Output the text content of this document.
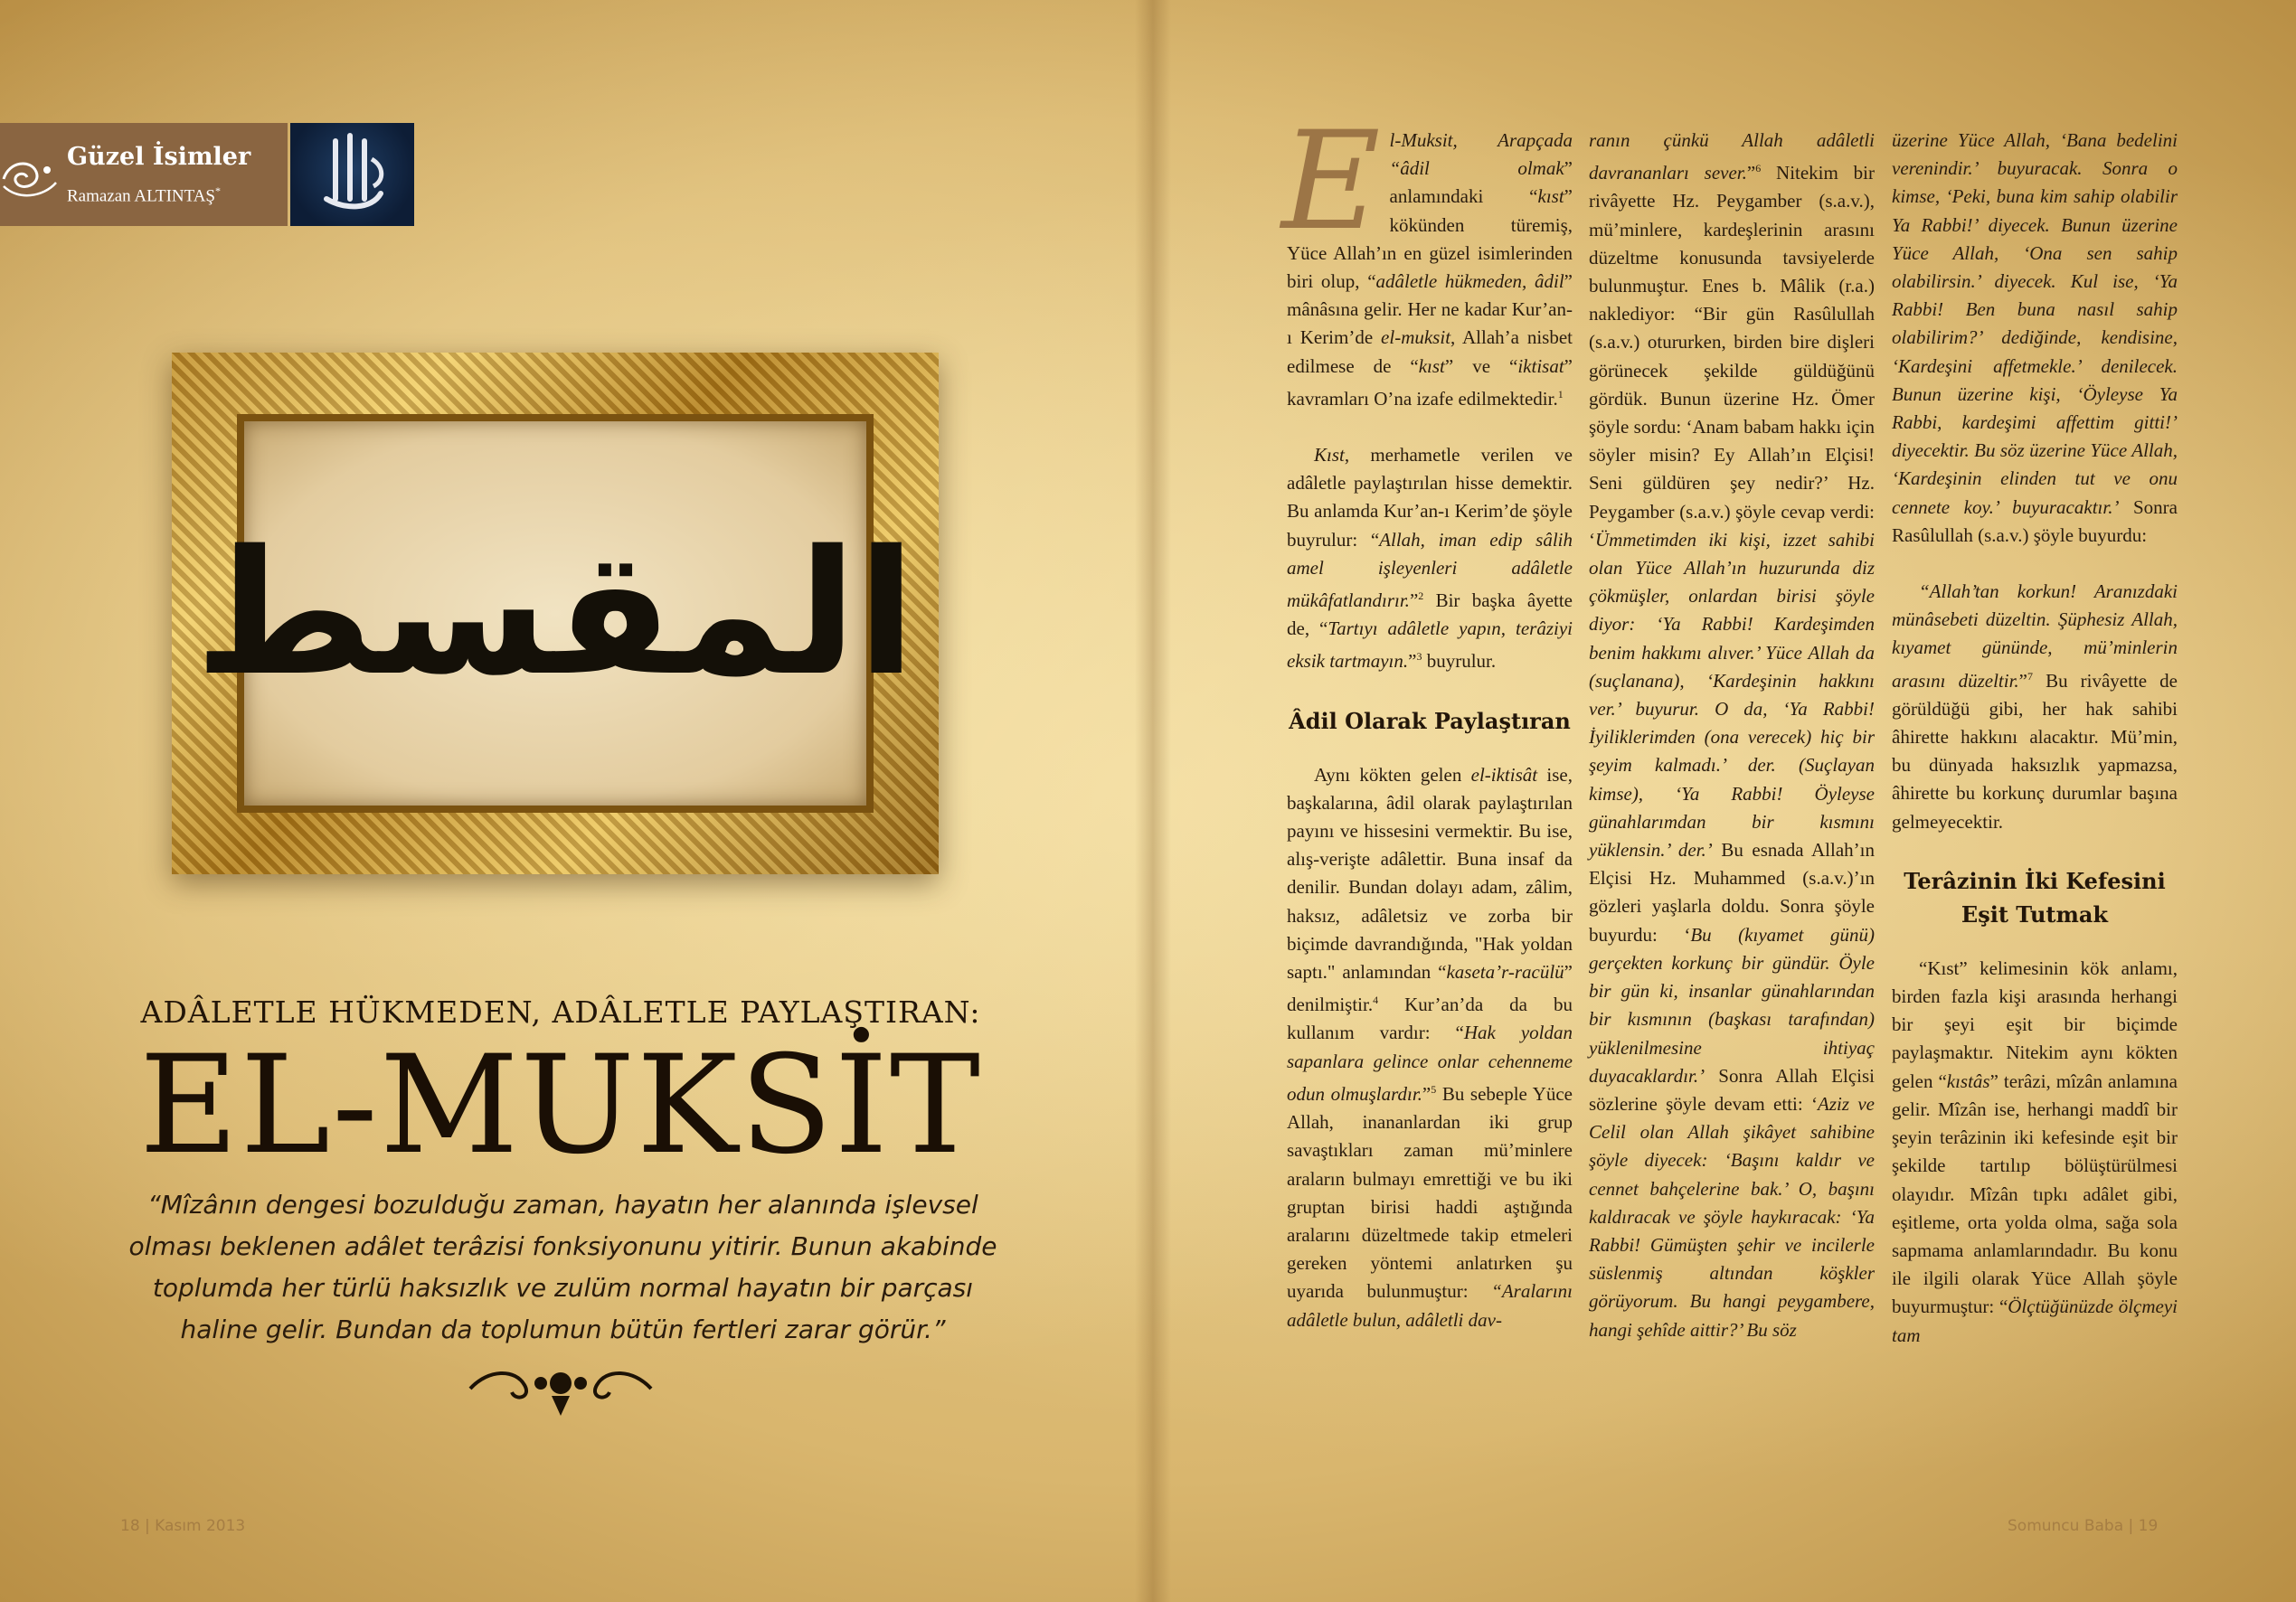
Güzel İsimler
Ramazan ALTINTAŞ*
المقسط
ADÂLETLE HÜKMEDEN, ADÂLETLE PAYLAŞTIRAN:
EL-MUKSİT
“Mîzânın dengesi bozulduğu zaman, hayatın her alanında işlevsel olması beklenen adâlet terâzisi fonksiyonunu yitirir. Bunun akabinde toplumda her türlü haksızlık ve zulüm normal hayatın bir parçası haline gelir. Bundan da toplumun bütün fertleri zarar görür.”
18 | Kasım 2013	Somuncu Baba | 19

El-Muksit, Arapçada “âdil olmak” anlamındaki “kıst” kökünden türemiş, Yüce Allah’ın en güzel isimlerinden biri olup, “adâletle hükmeden, âdil” mânâsına gelir. Her ne kadar Kur’an-ı Kerim’de el-muksit, Allah’a nisbet edilmese de “kıst” ve “iktisat” kavramları O’na izafe edilmektedir.$^1$

Kıst, merhametle verilen ve adâletle paylaştırılan hisse demektir. Bu anlamda Kur’an-ı Kerim’de şöyle buyrulur: “Allah, iman edip sâlih amel işleyenleri adâletle mükâfatlandırır.”$^2$ Bir başka âyette de, “Tartıyı adâletle yapın, terâziyi eksik tartmayın.”$^3$ buyrulur.

Âdil Olarak Paylaştıran

Aynı kökten gelen el-iktisât ise, başkalarına, âdil olarak paylaştırılan payını ve hissesini vermektir. Bu ise, alış-verişte adâlettir. Buna insaf da denilir. Bundan dolayı adam, zâlim, haksız, adâletsiz ve zorba bir biçimde davrandığında, "Hak yoldan saptı." anlamından “kaseta’r-racülü” denilmiştir.$^4$ Kur’an’da da bu kullanım vardır: “Hak yoldan sapanlara gelince onlar cehenneme odun olmuşlardır.”$^5$ Bu sebeple Yüce Allah, inananlardan iki grup savaştıkları zaman mü’minlere araların bulmayı emrettiği ve bu iki gruptan birisi haddi aştığında aralarını düzeltmede takip etmeleri gereken yöntemi anlatırken şu uyarıda bulunmuştur: “Aralarını adâletle bulun, adâletli dav-

ranın çünkü Allah adâletli davrananları sever.”$^6$ Nitekim bir rivâyette Hz. Peygamber (s.a.v.), mü’minlere, kardeşlerinin arasını düzeltme konusunda tavsiyelerde bulunmuştur. Enes b. Mâlik (r.a.) naklediyor: “Bir gün Rasûlullah (s.a.v.) otururken, birden bire dişleri görünecek şekilde güldüğünü gördük. Bunun üzerine Hz. Ömer şöyle sordu: ‘Anam babam hakkı için söyler misin? Ey Allah’ın Elçisi! Seni güldüren şey nedir?’ Hz. Peygamber (s.a.v.) şöyle cevap verdi: ‘Ümmetimden iki kişi, izzet sahibi olan Yüce Allah’ın huzurunda diz çökmüşler, onlardan birisi şöyle diyor: ‘Ya Rabbi! Kardeşimden benim hakkımı alıver.’ Yüce Allah da (suçlanana), ‘Kardeşinin hakkını ver.’ buyurur. O da, ‘Ya Rabbi! İyiliklerimden (ona verecek) hiç bir şeyim kalmadı.’ der. (Suçlayan kimse), ‘Ya Rabbi! Öyleyse günahlarımdan bir kısmını yüklensin.’ der.’ Bu esnada Allah’ın Elçisi Hz. Muhammed (s.a.v.)’ın gözleri yaşlarla doldu. Sonra şöyle buyurdu: ‘Bu (kıyamet günü) gerçekten korkunç bir gündür. Öyle bir gün ki, insanlar günahlarından bir kısmının (başkası tarafından) yüklenilmesine ihtiyaç duyacaklardır.’ Sonra Allah Elçisi sözlerine şöyle devam etti: ‘Aziz ve Celil olan Allah şikâyet sahibine şöyle diyecek: ‘Başını kaldır ve cennet bahçelerine bak.’ O, başını kaldıracak ve şöyle haykıracak: ‘Ya Rabbi! Gümüşten şehir ve incilerle süslenmiş altından köşkler görüyorum. Bu hangi peygambere, hangi şehîde aittir?’ Bu söz

üzerine Yüce Allah, ‘Bana bedelini verenindir.’ buyuracak. Sonra o kimse, ‘Peki, buna kim sahip olabilir Ya Rabbi!’ diyecek. Bunun üzerine Yüce Allah, ‘Ona sen sahip olabilirsin.’ diyecek. Kul ise, ‘Ya Rabbi! Ben buna nasıl sahip olabilirim?’ dediğinde, kendisine, ‘Kardeşini affetmekle.’ denilecek. Bunun üzerine kişi, ‘Öyleyse Ya Rabbi, kardeşimi affettim gitti!’ diyecektir. Bu söz üzerine Yüce Allah, ‘Kardeşinin elinden tut ve onu cennete koy.’ buyuracaktır.’ Sonra Rasûlullah (s.a.v.) şöyle buyurdu:

“Allah’tan korkun! Aranızdaki münâsebeti düzeltin. Şüphesiz Allah, kıyamet gününde, mü’minlerin arasını düzeltir.”$^7$ Bu rivâyette de görüldüğü gibi, her hak sahibi âhirette hakkını alacaktır. Mü’min, bu dünyada haksızlık yapmazsa, âhirette bu korkunç durumlar başına gelmeyecektir.

Terâzinin İki Kefesini Eşit Tutmak

“Kıst” kelimesinin kök anlamı, birden fazla kişi arasında herhangi bir şeyi eşit bir biçimde paylaşmaktır. Nitekim aynı kökten gelen “kıstâs” terâzi, mîzân anlamına gelir. Mîzân ise, herhangi maddî bir şeyin terâzinin iki kefesinde eşit bir şekilde tartılıp bölüştürülmesi olayıdır. Mîzân tıpkı adâlet gibi, eşitleme, orta yolda olma, sağa sola sapmama anlamlarındadır. Bu konu ile ilgili olarak Yüce Allah şöyle buyurmuştur: “Ölçtüğünüzde ölçmeyi tam
